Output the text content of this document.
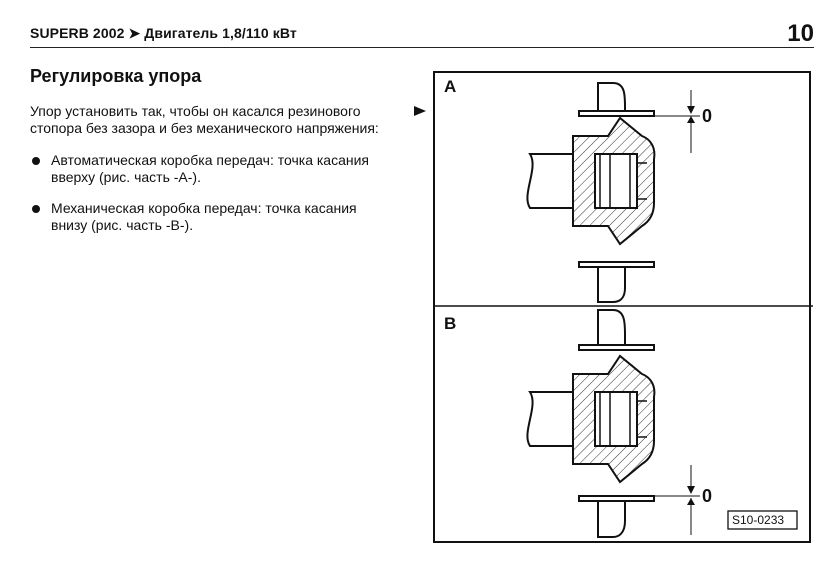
SUPERB 2002 ➤ Двигатель 1,8/110 кВт	10
Регулировка упора

Упор установить так, чтобы он касался резинового
стопора без зазора и без механического напряжения:

Автоматическая коробка передач: точка касания
вверху (рис. часть -A-).
Механическая коробка передач: точка касания
внизу (рис. часть -B-).
A
0
B
0
S10-0233
